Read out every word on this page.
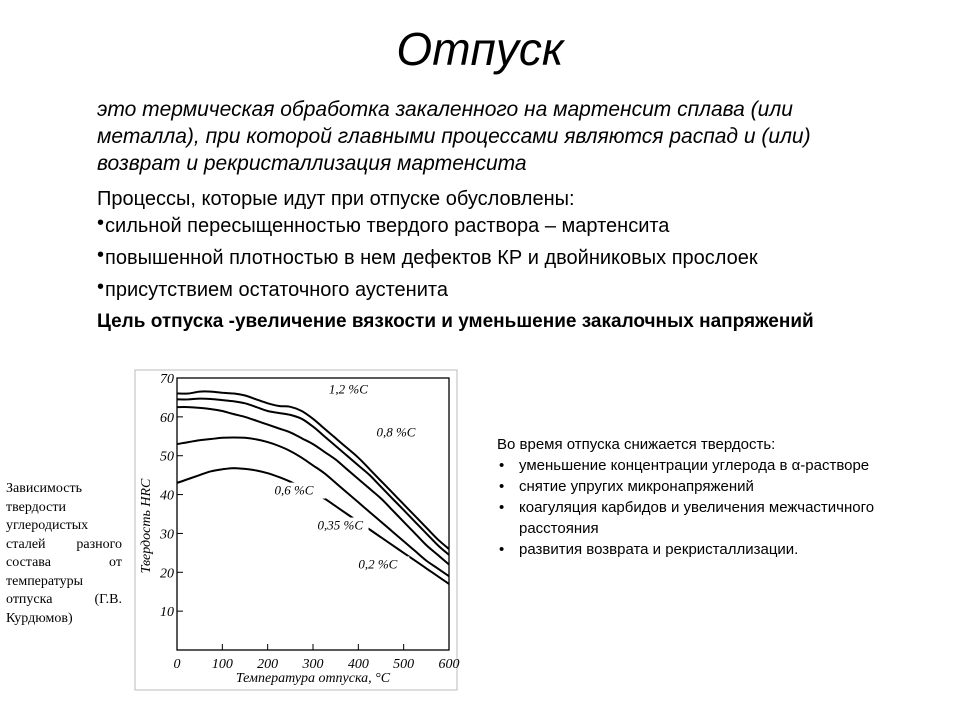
Отпуск
это термическая обработка закаленного на мартенсит сплава (или металла), при которой главными процессами являются распад и (или) возврат и рекристаллизация мартенсита
Процессы, которые идут при отпуске обусловлены:
•сильной пересыщенностью твердого раствора – мартенсита
•повышенной плотностью в нем дефектов КР и двойниковых прослоек
•присутствием остаточного аустенита
Цель отпуска -увеличение вязкости и уменьшение закалочных напряжений
Зависимость твердости углеродистых сталей разного состава от температуры отпуска (Г.В. Курдюмов)
0 100 200 300 400 500 600
10
20
30
40
50
60
70
1,2 %C
0,8 %C
0,6 %C
0,35 %C
0,2 %C
Температура отпуска, °С
Твердость HRC
Во время отпуска снижается твердость:
• уменьшение концентрации углерода в α-растворе
• снятие упругих микронапряжений
• коагуляция карбидов и увеличения межчастичного расстояния
• развития возврата и рекристаллизации.
